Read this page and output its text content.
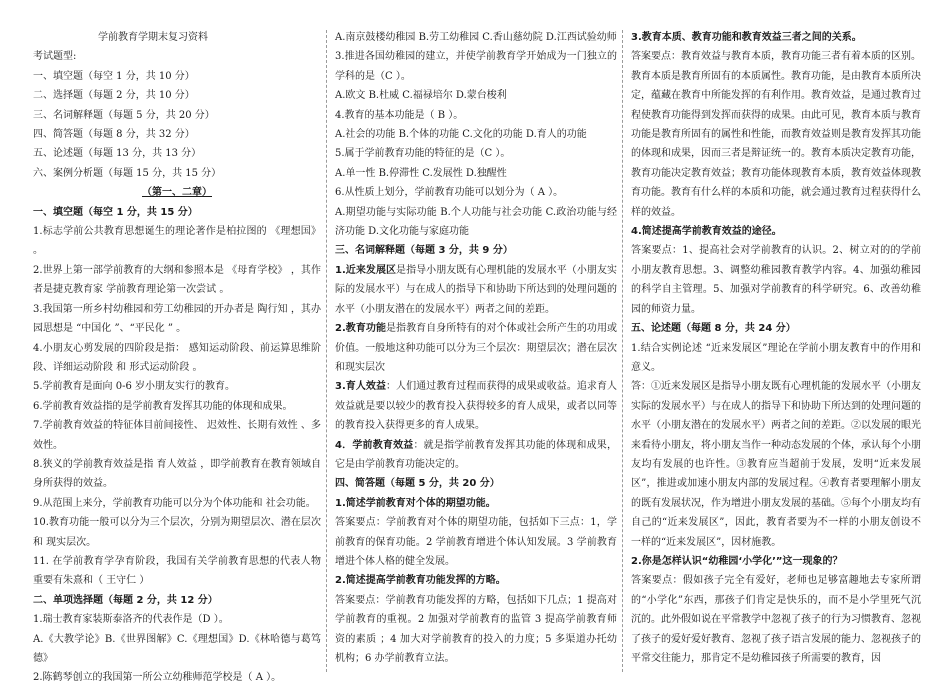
学前教育学期末复习资料

考试题型:

一、填空题（每空 1 分，共 10 分）

二、选择题（每题 2 分，共 10 分）

三、名词解释题（每题 5 分，共 20 分）

四、简答题（每题 8 分，共 32 分）

五、论述题（每题 13 分，共 13 分）

六、案例分析题（每题 15 分，共 15 分）

（第一、二章）

一、填空题（每空 1 分，共 15 分）

1.标志学前公共教育思想诞生的理论著作是柏拉图的 《理想国》 。

2.世界上第一部学前教育的大纲和参照本是 《母育学校》 ，其作者是捷克教育家 学前教育理论第一次尝试 。

3.我国第一所乡村幼稚园和劳工幼稚园的开办者是 陶行知 ，其办园思想是 “中国化 ”、“平民化 ” 。

4.小朋友心剪发展的四阶段是指： 感知运动阶段、前运算思维阶段、详细运动阶段 和 形式运动阶段 。

5.学前教育是面向 0-6 岁小朋友实行的教育。

6.学前教育效益指的是学前教育发挥其功能的体现和成果。

7.学前教育效益的特征体目前间接性、 迟效性、长期有效性 、多效性。

8.狭义的学前教育效益是指 育人效益 ，即学前教育在教育领域自身所获得的效益。

9.从范围上来分，学前教育功能可以分为个体功能和 社会功能。

10.教育功能一般可以分为三个层次，分别为期望层次、潜在层次和 现实层次。

11. 在学前教育学孕育阶段，我国有关学前教育思想的代表人物重要有朱熹和（ 王守仁 ）

二、单项选择题（每题 2 分，共 12 分）

1.瑞士教育家装斯泰洛齐的代表作是（D ）。

A.《大教学论》B.《世界图解》C.《理想国》D.《林哈德与葛笃德》

2.陈鹤琴创立的我国第一所公立幼稚师范学校是（ A ）。

A.南京鼓楼幼稚园 B.劳工幼稚园 C.香山慈幼院 D.江西试验幼师

3.推进各国幼稚园的建立，并使学前教育学开始成为一门独立的学科的是（C ）。

A.欧文 B.杜威 C.福禄培尔 D.蒙台梭利

4.教育的基本功能是（ B ）。

A.社会的功能 B.个体的功能 C.文化的功能 D.育人的功能

5.属于学前教育功能的特征的是（C ）。

A.单一性 B.停滞性 C.发展性 D.独醒性

6.从性质上划分，学前教育功能可以划分为（ A ）。

A.期望功能与实际功能 B.个人功能与社会功能 C.政治功能与经济功能 D.文化功能与家庭功能

三、名词解释题（每题 3 分，共 9 分）

1.近来发展区是指导小朋友既有心理机能的发展水平（小朋友实际的发展水平）与在成人的指导下和协助下所达到的处理问题的水平（小朋友潜在的发展水平）两者之间的差距。

2.教育功能是指教育自身所特有的对个体或社会所产生的功用或价值。一般地这种功能可以分为三个层次：期望层次；潜在层次和现实层次

3.育人效益：人们通过教育过程而获得的成果或收益。追求育人效益就是要以较少的教育投入获得较多的育人成果，或者以同等的教育投入获得更多的育人成果。

4．学前教育效益：就是指学前教育发挥其功能的体现和成果，它是由学前教育功能决定的。

四、简答题（每题 5 分，共 20 分）

1.简述学前教育对个体的期望功能。

答案要点：学前教育对个体的期望功能，包括如下三点：1，学前教育的保育功能。2 学前教育增进个体认知发展。3 学前教育增进个体人格的健全发展。

2.简述提高学前教育功能发挥的方略。

答案要点：学前教育功能发挥的方略，包括如下几点；1 提高对学前教育的重视。2 加强对学前教育的监管 3 提高学前教育师资的素质 ；4 加大对学前教育的投入的力度；5 多渠道办托幼机构；6 办学前教育立法。

3.教育本质、教育功能和教育效益三者之间的关系。

答案要点：教育效益与教育本质，教育功能三者有着本质的区别。教育本质是教育所固有的本质属性。教育功能，是由教育本质所决定，蕴藏在教育中所能发挥的有利作用。教育效益，是通过教育过程使教育功能得到发挥而获得的成果。由此可见，教育本质与教育功能是教育所固有的属性和性能，而教育效益则是教育发挥其功能的体现和成果，因而三者是辩证统一的。教育本质决定教育功能，教育功能决定教育效益；教育功能体现教育本质，教育效益体现教育功能。教育有什么样的本质和功能，就会通过教育过程获得什么样的效益。

4.简述提高学前教育效益的途径。

答案要点：1、提高社会对学前教育的认识。2、树立对的的学前小朋友教育思想。3、调整幼稚园教育教学内容。4、加强幼稚园的科学自主管理。5、加强对学前教育的科学研究。6、改善幼稚园的师资力量。

五、论述题（每题 8 分，共 24 分）

1.结合实例论述 “近来发展区”理论在学前小朋友教育中的作用和意义。

答：①近来发展区是指导小朋友既有心理机能的发展水平（小朋友实际的发展水平）与在成人的指导下和协助下所达到的处理问题的水平（小朋友潜在的发展水平）两者之间的差距。②以发展的眼光来看待小朋友，将小朋友当作一种动态发展的个体，承认每个小朋友均有发展的也许性。③教育应当超前于发展，发明“近来发展区”，推进或加速小朋友内部的发展过程。④教育者要理解小朋友的既有发展状况，作为增进小朋友发展的基础。⑤每个小朋友均有自己的“近来发展区”，因此，教育者要为不一样的小朋友创设不一样的“近来发展区”，因材施教。

2.你是怎样认识“幼稚园‘小学化’”这一现象的？

答案要点：假如孩子完全有爱好，老师也足够富趣地去专家所谓的“小学化”东西，那孩子们肯定是快乐的，而不是小学里死气沉沉的。此外假如说在平常教学中忽视了孩子的行为习惯教育、忽视了孩子的爱好爱好教育、忽视了孩子语言发展的能力、忽视孩子的平常交往能力，那肯定不是幼稚园孩子所需要的教育，因
